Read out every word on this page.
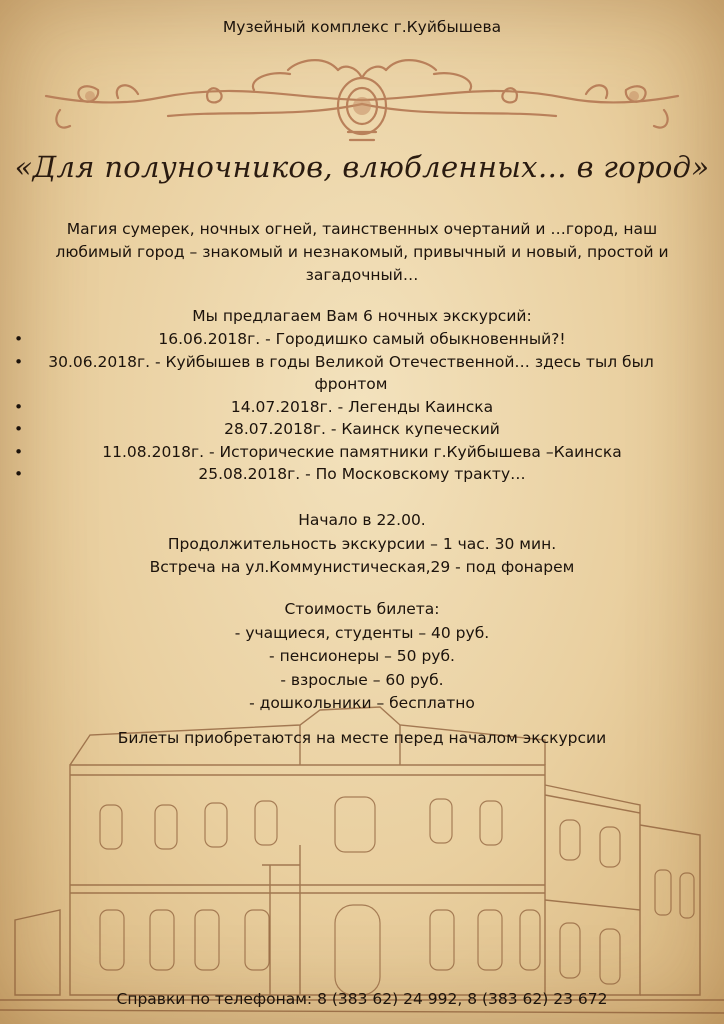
Музейный комплекс г.Куйбышева
«Для полуночников, влюбленных… в город»
Магия сумерек, ночных огней, таинственных очертаний и …город, наш любимый город – знакомый и незнакомый, привычный и новый, простой и загадочный…
Мы предлагаем Вам 6 ночных экскурсий:
•	16.06.2018г. - Городишко самый обыкновенный?!
• 30.06.2018г. - Куйбышев в годы Великой Отечественной… здесь тыл был фронтом
•	14.07.2018г. - Легенды Каинска
•	28.07.2018г. - Каинск купеческий
•	11.08.2018г. - Исторические памятники г.Куйбышева –Каинска
•	25.08.2018г. - По Московскому тракту…
Начало в 22.00.
Продолжительность экскурсии – 1 час. 30 мин.
Встреча на ул.Коммунистическая,29 - под фонарем
Стоимость билета:
- учащиеся, студенты – 40 руб.
- пенсионеры – 50 руб.
- взрослые – 60 руб.
- дошкольники – бесплатно
Билеты приобретаются на месте перед началом экскурсии
Справки по телефонам: 8 (383 62) 24 992, 8 (383 62) 23 672
